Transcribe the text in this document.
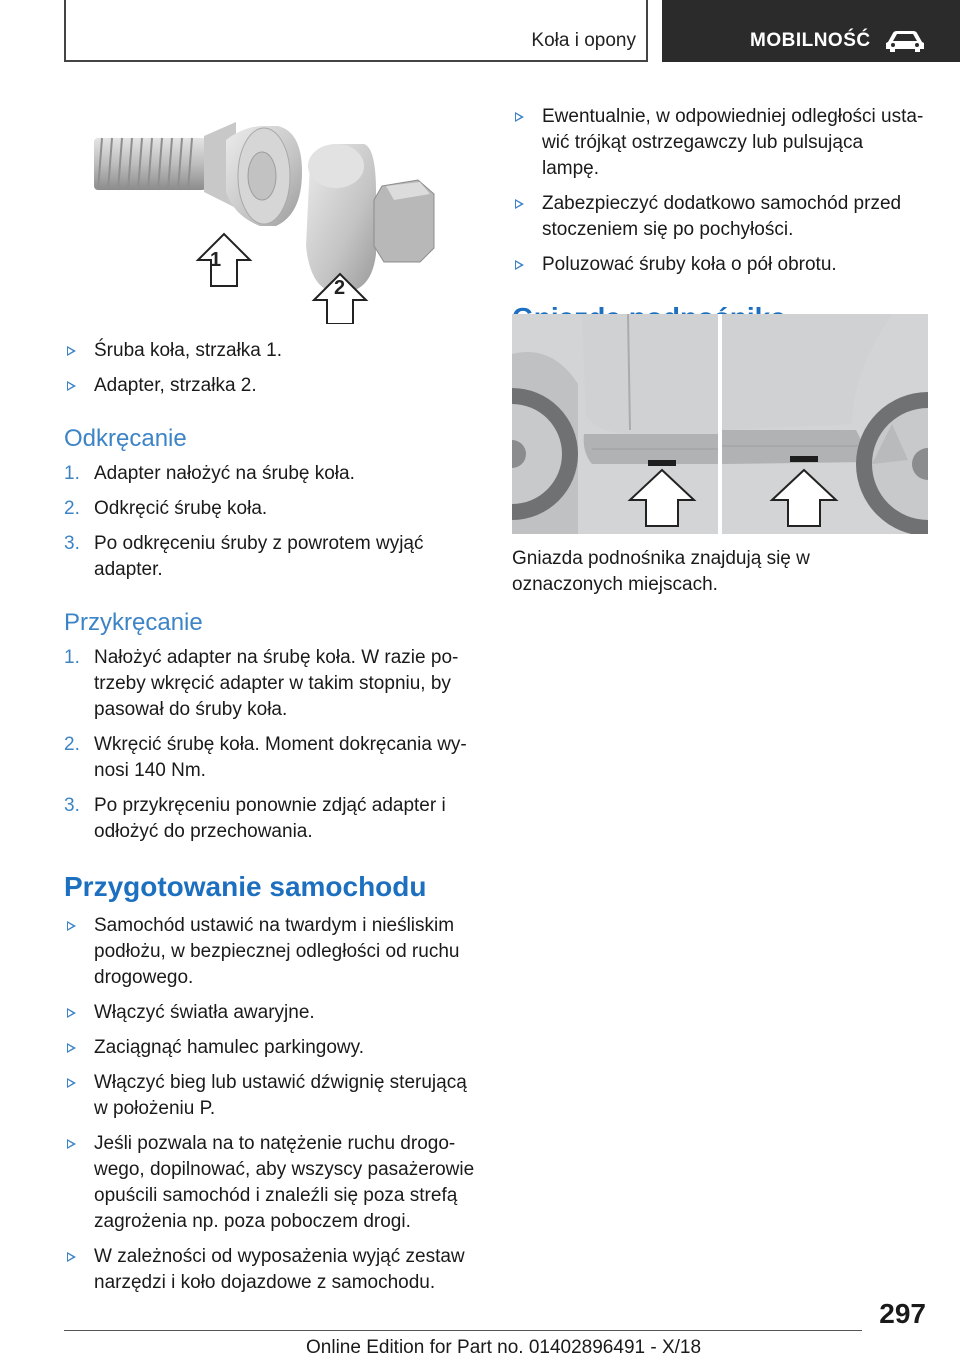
Koła i opony	MOBILNOŚĆ
1
2
Śruba koła, strzałka 1.
Adapter, strzałka 2.
Odkręcanie
1. Adapter nałożyć na śrubę koła.
2. Odkręcić śrubę koła.
3. Po odkręceniu śruby z powrotem wyjąć adapter.
Przykręcanie
1. Nałożyć adapter na śrubę koła. W razie potrzeby wkręcić adapter w takim stopniu, by pasował do śruby koła.
2. Wkręcić śrubę koła. Moment dokręcania wynosi 140 Nm.
3. Po przykręceniu ponownie zdjąć adapter i odłożyć do przechowania.
Przygotowanie samochodu
Samochód ustawić na twardym i nieśliskim podłożu, w bezpiecznej odległości od ruchu drogowego.
Włączyć światła awaryjne.
Zaciągnąć hamulec parkingowy.
Włączyć bieg lub ustawić dźwignię sterującą w położeniu P.
Jeśli pozwala na to natężenie ruchu drogowego, dopilnować, aby wszyscy pasażerowie opuścili samochód i znaleźli się poza strefą zagrożenia np. poza poboczem drogi.
W zależności od wyposażenia wyjąć zestaw narzędzi i koło dojazdowe z samochodu.
Ewentualnie, w odpowiedniej odległości ustawić trójkąt ostrzegawczy lub pulsująca lampę.
Zabezpieczyć dodatkowo samochód przed stoczeniem się po pochyłości.
Poluzować śruby koła o pół obrotu.

Gniazda podnośnika znajdują się w oznaczonych miejscach.

297
Online Edition for Part no. 01402896491 - X/18
